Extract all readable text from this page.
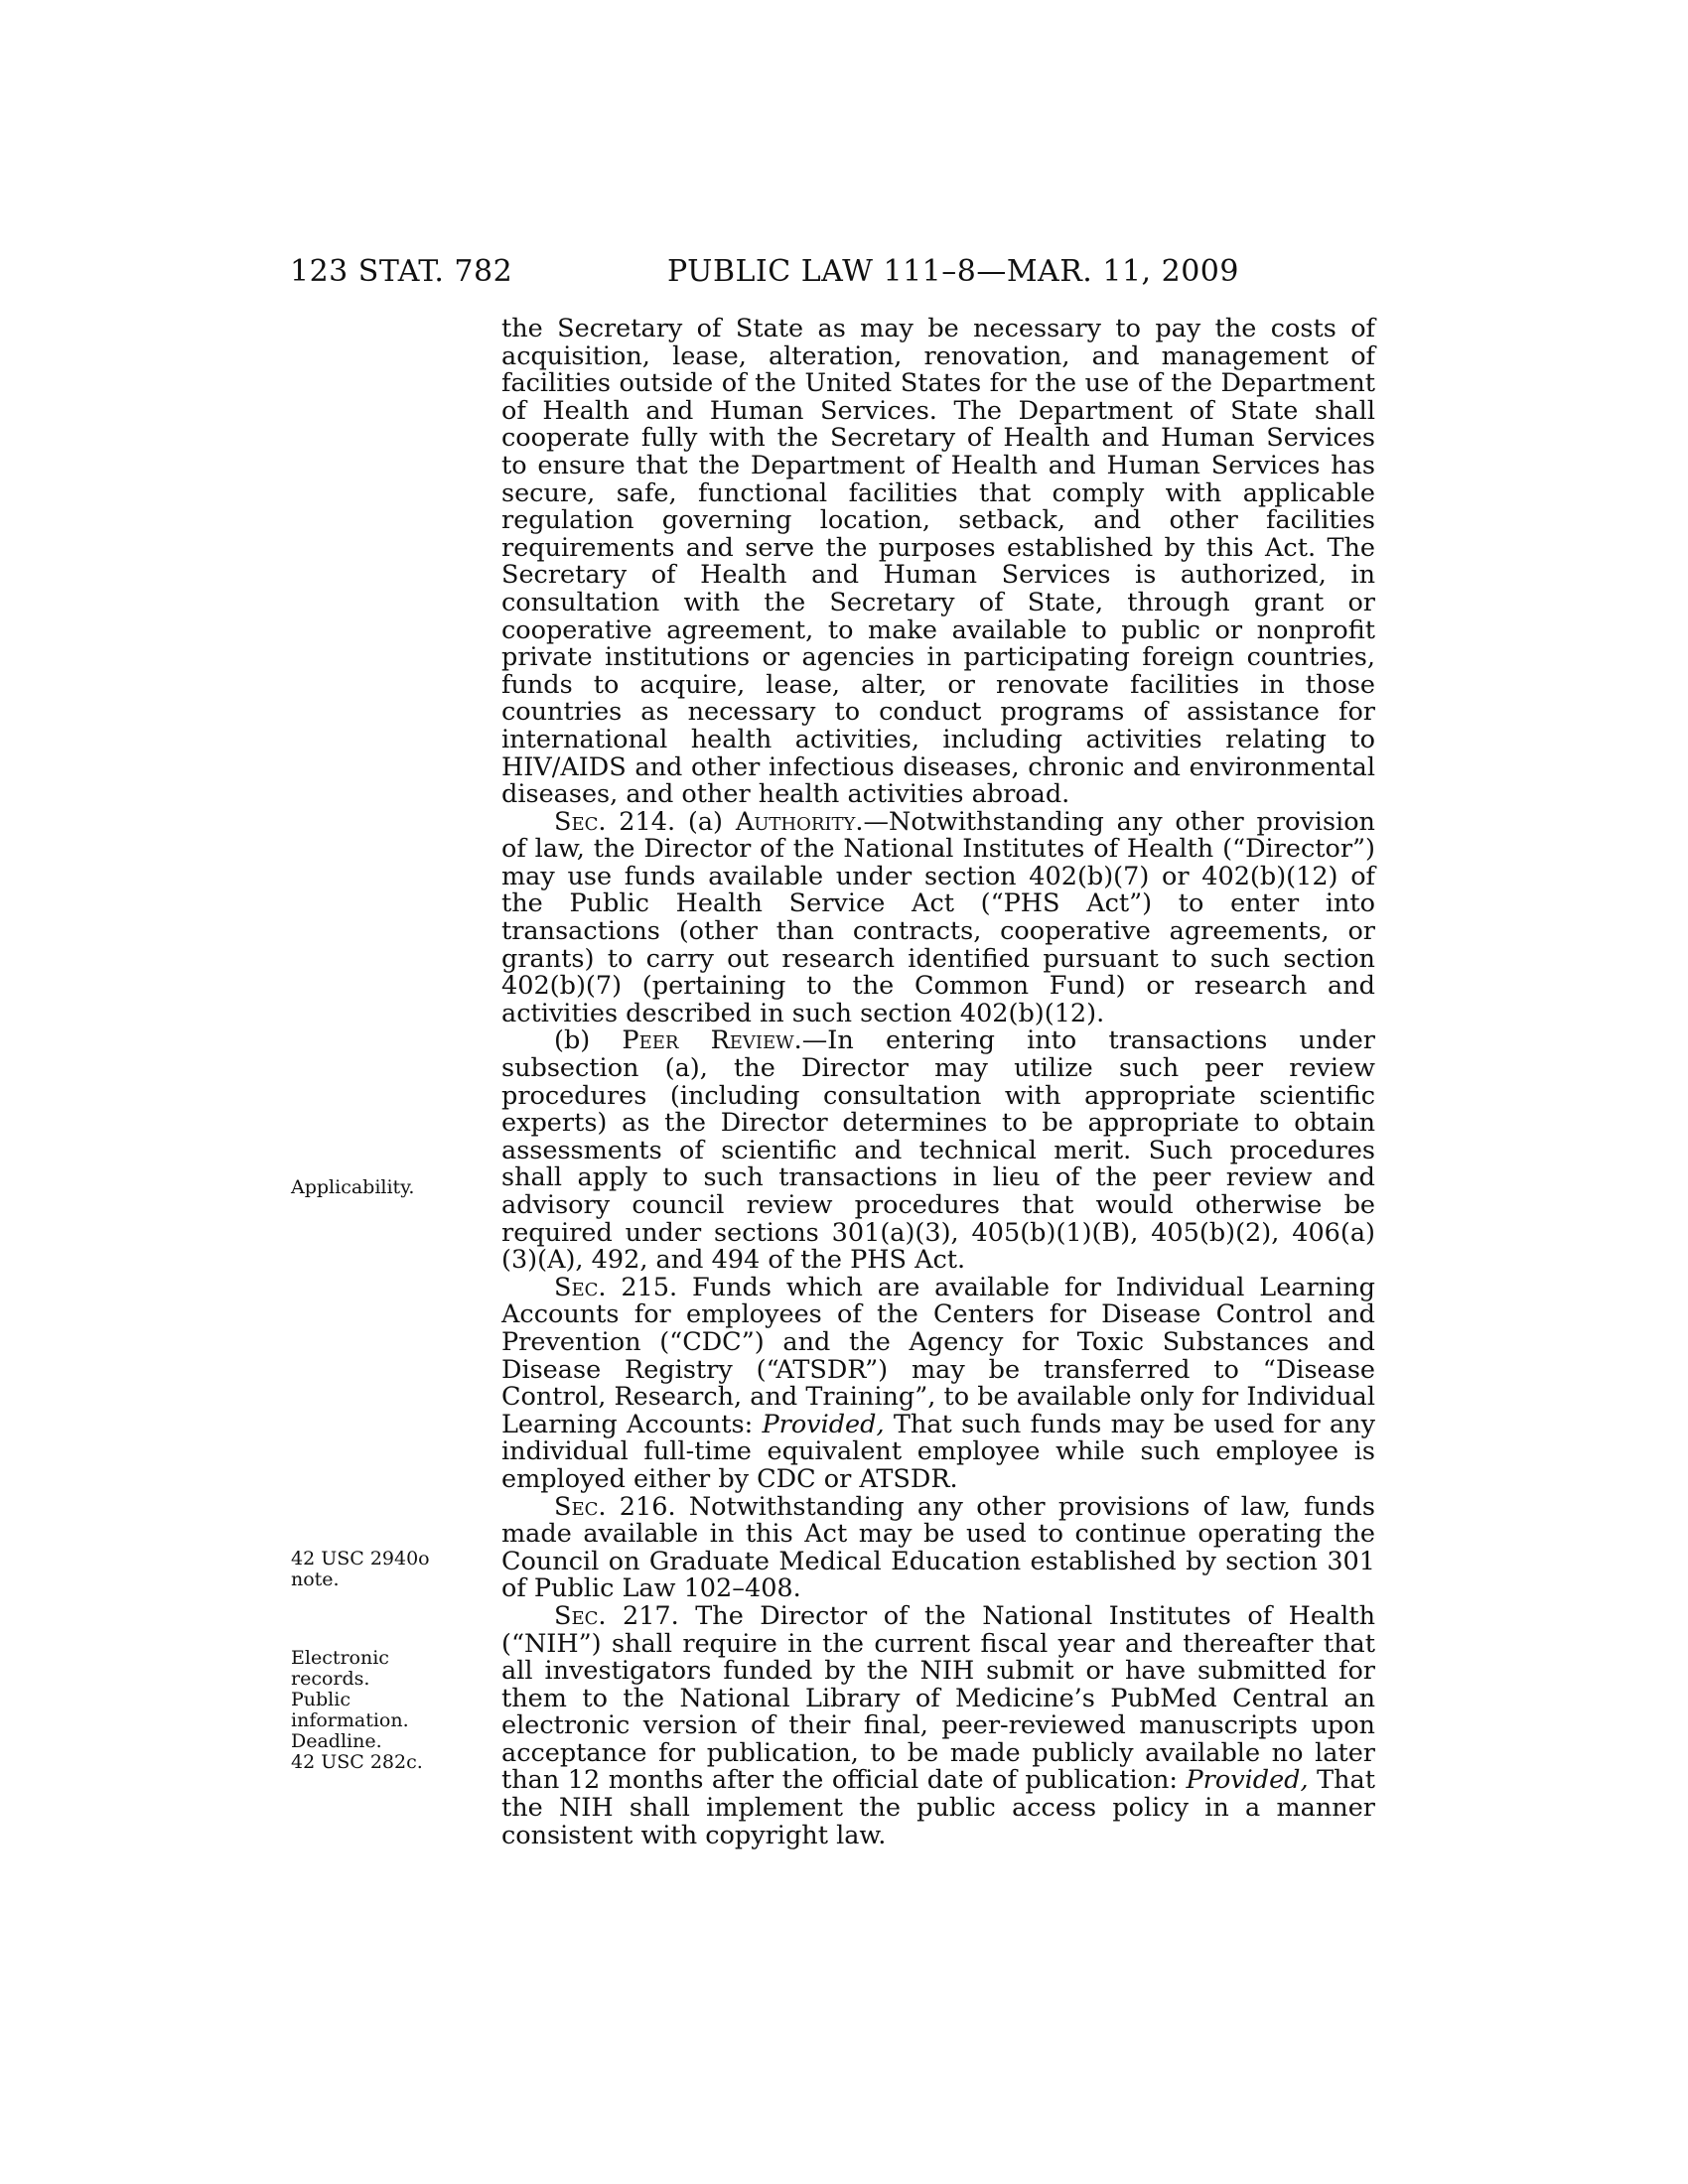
123 STAT. 782	PUBLIC LAW 111–8—MAR. 11, 2009

the Secretary of State as may be necessary to pay the costs of acquisition, lease, alteration, renovation, and management of facilities outside of the United States for the use of the Department of Health and Human Services. The Department of State shall cooperate fully with the Secretary of Health and Human Services to ensure that the Department of Health and Human Services has secure, safe, functional facilities that comply with applicable regulation governing location, setback, and other facilities requirements and serve the purposes established by this Act. The Secretary of Health and Human Services is authorized, in consultation with the Secretary of State, through grant or cooperative agreement, to make available to public or nonprofit private institutions or agencies in participating foreign countries, funds to acquire, lease, alter, or renovate facilities in those countries as necessary to conduct programs of assistance for international health activities, including activities relating to HIV/AIDS and other infectious diseases, chronic and environmental diseases, and other health activities abroad.

Sec. 214. (a) Authority.—Notwithstanding any other provision of law, the Director of the National Institutes of Health (“Director”) may use funds available under section 402(b)(7) or 402(b)(12) of the Public Health Service Act (“PHS Act”) to enter into transactions (other than contracts, cooperative agreements, or grants) to carry out research identified pursuant to such section 402(b)(7) (pertaining to the Common Fund) or research and activities described in such section 402(b)(12).

(b) Peer Review.—In entering into transactions under subsection (a), the Director may utilize such peer review procedures (including consultation with appropriate scientific experts) as the Director determines to be appropriate to obtain assessments of scientific and technical merit. Such procedures shall apply to such transactions in lieu of the peer review and advisory council review procedures that would otherwise be required under sections 301(a)(3), 405(b)(1)(B), 405(b)(2), 406(a)(3)(A), 492, and 494 of the PHS Act.

Sec. 215. Funds which are available for Individual Learning Accounts for employees of the Centers for Disease Control and Prevention (“CDC”) and the Agency for Toxic Substances and Disease Registry (“ATSDR”) may be transferred to “Disease Control, Research, and Training”, to be available only for Individual Learning Accounts: Provided, That such funds may be used for any individual full-time equivalent employee while such employee is employed either by CDC or ATSDR.

Sec. 216. Notwithstanding any other provisions of law, funds made available in this Act may be used to continue operating the Council on Graduate Medical Education established by section 301 of Public Law 102–408.

Sec. 217. The Director of the National Institutes of Health (“NIH”) shall require in the current fiscal year and thereafter that all investigators funded by the NIH submit or have submitted for them to the National Library of Medicine’s PubMed Central an electronic version of their final, peer-reviewed manuscripts upon acceptance for publication, to be made publicly available no later than 12 months after the official date of publication: Provided, That the NIH shall implement the public access policy in a manner consistent with copyright law.

Applicability.
42 USC 2940o
note.
Electronic
records.
Public
information.
Deadline.
42 USC 282c.
